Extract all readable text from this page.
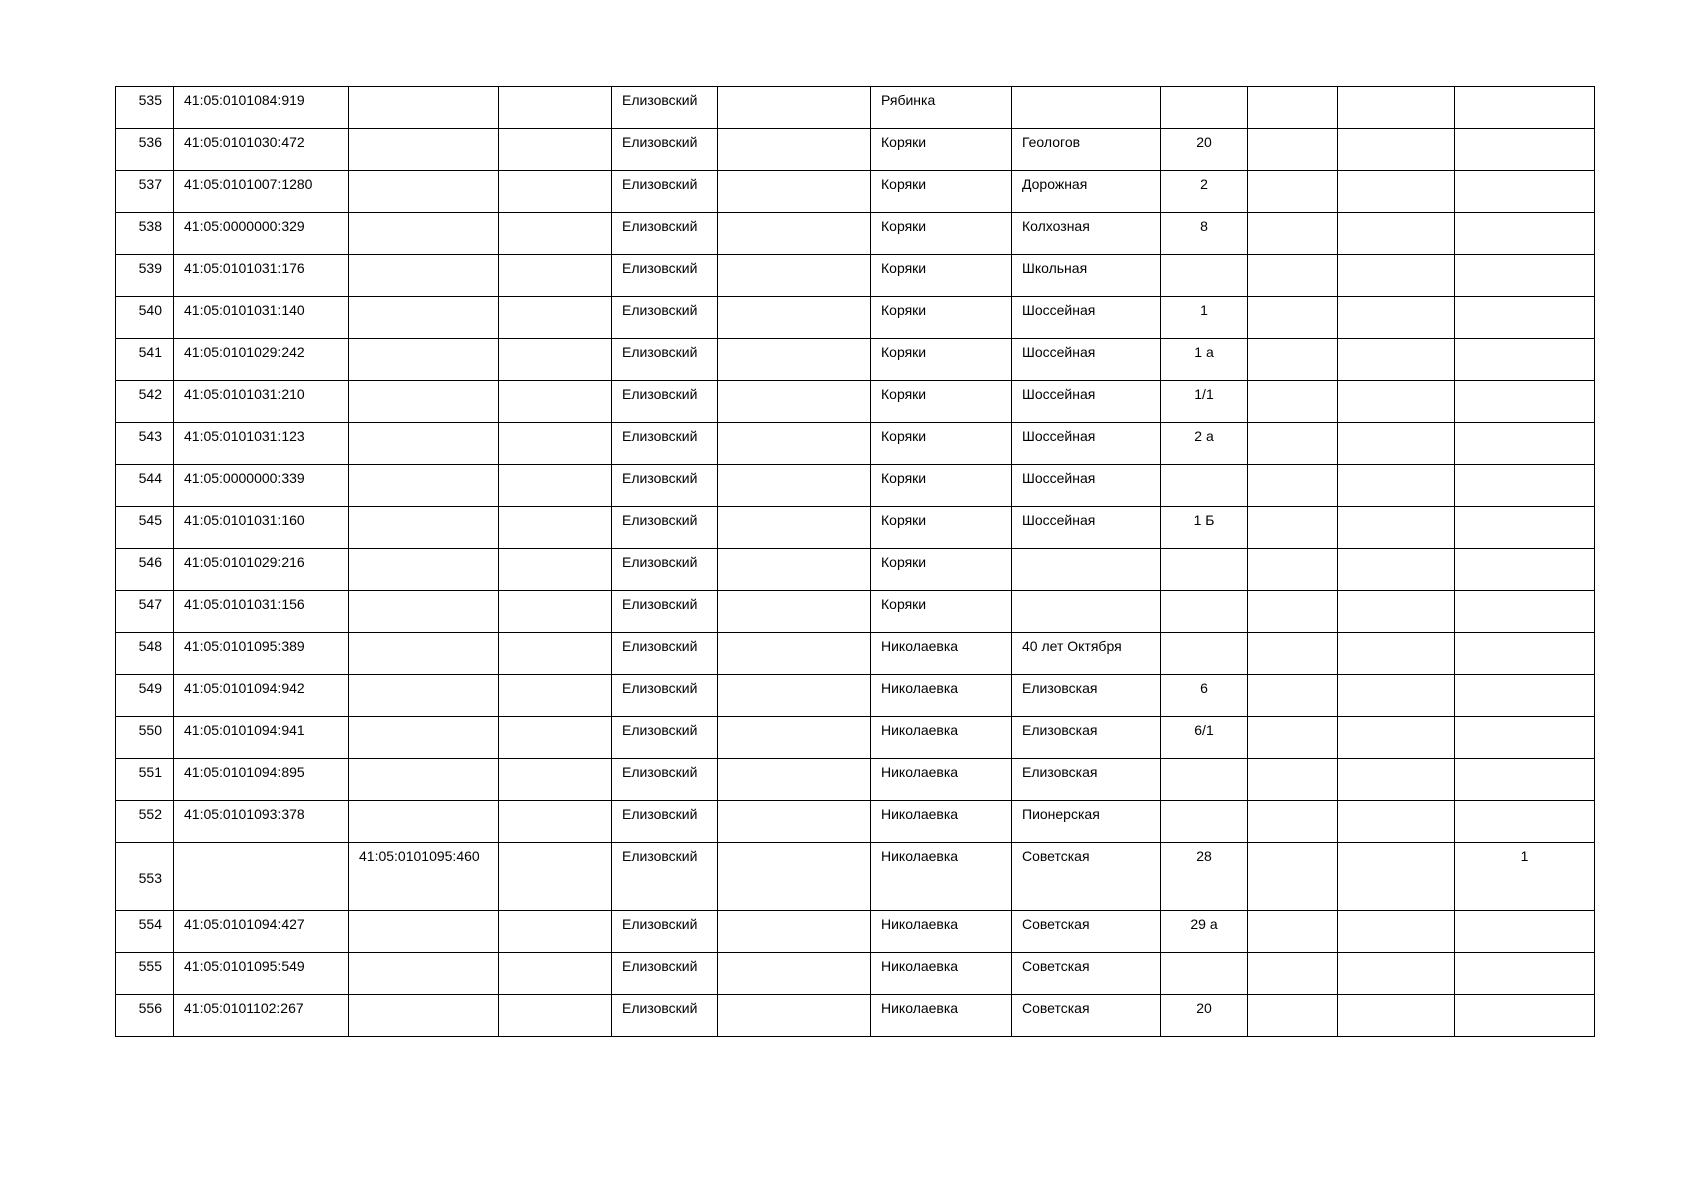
535	41:05:0101084:919			Елизовский		Рябинка					
536	41:05:0101030:472			Елизовский		Коряки	Геологов	20			
537	41:05:0101007:1280			Елизовский		Коряки	Дорожная	2			
538	41:05:0000000:329			Елизовский		Коряки	Колхозная	8			
539	41:05:0101031:176			Елизовский		Коряки	Школьная				
540	41:05:0101031:140			Елизовский		Коряки	Шоссейная	1			
541	41:05:0101029:242			Елизовский		Коряки	Шоссейная	1 а			
542	41:05:0101031:210			Елизовский		Коряки	Шоссейная	1/1			
543	41:05:0101031:123			Елизовский		Коряки	Шоссейная	2 а			
544	41:05:0000000:339			Елизовский		Коряки	Шоссейная				
545	41:05:0101031:160			Елизовский		Коряки	Шоссейная	1 Б			
546	41:05:0101029:216			Елизовский		Коряки					
547	41:05:0101031:156			Елизовский		Коряки					
548	41:05:0101095:389			Елизовский		Николаевка	40 лет Октября				
549	41:05:0101094:942			Елизовский		Николаевка	Елизовская	6			
550	41:05:0101094:941			Елизовский		Николаевка	Елизовская	6/1			
551	41:05:0101094:895			Елизовский		Николаевка	Елизовская				
552	41:05:0101093:378			Елизовский		Николаевка	Пионерская				
553		41:05:0101095:460		Елизовский		Николаевка	Советская	28			1
554	41:05:0101094:427			Елизовский		Николаевка	Советская	29 а			
555	41:05:0101095:549			Елизовский		Николаевка	Советская				
556	41:05:0101102:267			Елизовский		Николаевка	Советская	20			
